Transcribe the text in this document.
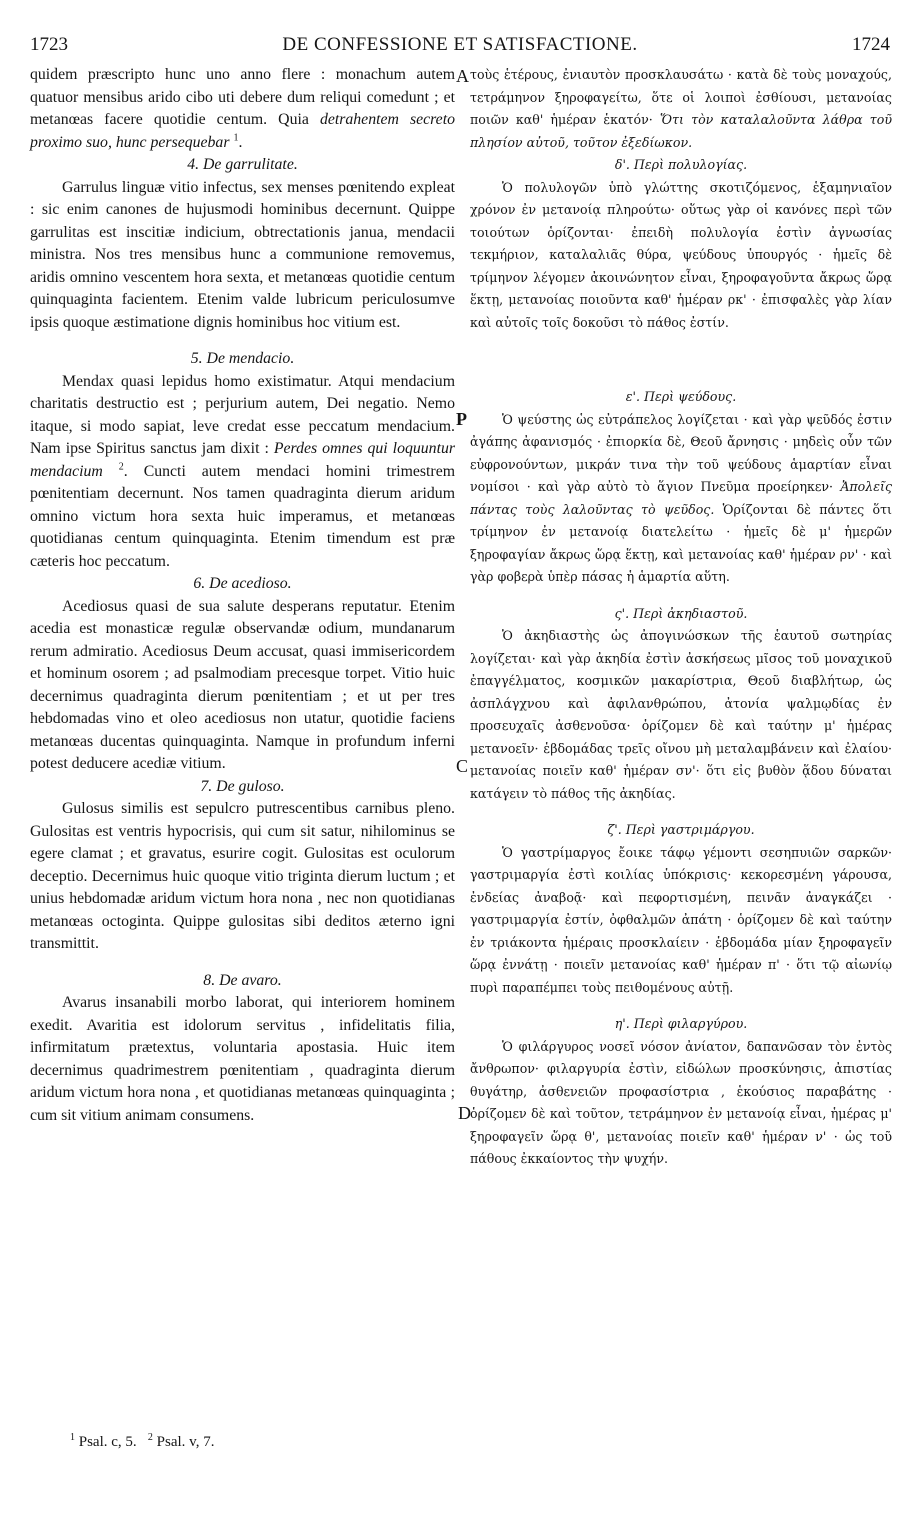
1723	DE CONFESSIONE ET SATISFACTIONE.	1724

quidem præscripto hunc uno anno flere : monachum autem quatuor mensibus arido cibo uti debere dum reliqui comedunt ; et metanœas facere quotidie centum. Quia detrahentem secreto proximo suo, hunc persequebar $^1$.

4. De garrulitate.

Garrulus linguæ vitio infectus, sex menses pœnitendo expleat : sic enim canones de hujusmodi hominibus decernunt. Quippe garrulitas est inscitiæ indicium, obtrectationis janua, mendacii ministra. Nos tres mensibus hunc a communione removemus, aridis omnino vescentem hora sexta, et metanœas quotidie centum quinquaginta facientem. Etenim valde lubricum periculosumve ipsis quoque æstimatione dignis hominibus hoc vitium est.

5. De mendacio.

Mendax quasi lepidus homo existimatur. Atqui mendacium charitatis destructio est ; perjurium autem, Dei negatio. Nemo itaque, si modo sapiat, leve credat esse peccatum mendacium. Nam ipse Spiritus sanctus jam dixit : Perdes omnes qui loquuntur mendacium $^2$. Cuncti autem mendaci homini trimestrem pœnitentiam decernunt. Nos tamen quadraginta dierum aridum omnino victum hora sexta huic imperamus, et metanœas quotidianas centum quinquaginta. Etenim timendum est præ cæteris hoc peccatum.

6. De acedioso.

Acediosus quasi de sua salute desperans reputatur. Etenim acedia est monasticæ regulæ observandæ odium, mundanarum rerum admiratio. Acediosus Deum accusat, quasi immisericordem et hominum osorem ; ad psalmodiam precesque torpet. Vitio huic decernimus quadraginta dierum pœnitentiam ; et ut per tres hebdomadas vino et oleo acediosus non utatur, quotidie faciens metanœas ducentas quinquaginta. Namque in profundum inferni potest deducere acediæ vitium.

7. De guloso.

Gulosus similis est sepulcro putrescentibus carnibus pleno. Gulositas est ventris hypocrisis, qui cum sit satur, nihilominus se egere clamat ; et gravatus, esurire cogit. Gulositas est oculorum deceptio. Decernimus huic quoque vitio triginta dierum luctum ; et unius hebdomadæ aridum victum hora nona , nec non quotidianas metanœas octoginta. Quippe gulositas sibi deditos æterno igni transmittit.

8. De avaro.

Avarus insanabili morbo laborat, qui interiorem hominem exedit. Avaritia est idolorum servitus , infidelitatis filia, infirmitatum prætextus, voluntaria apostasia. Huic item decernimus quadrimestrem pœnitentiam , quadraginta dierum aridum victum hora nona , et quotidianas metanœas quinquaginta ; cum sit vitium animam consumens.

τοὺς ἑτέρους, ἐνιαυτὸν προσκλαυσάτω · κατὰ δὲ τοὺς μοναχούς, τετράμηνον ξηροφαγείτω, ὅτε οἱ λοιποὶ ἐσθίουσι, μετανοίας ποιῶν καθ' ἡμέραν ἑκατόν· Ὅτι τὸν καταλαλοῦντα λάθρα τοῦ πλησίον αὐτοῦ, τοῦτον ἐξεδίωκον.

δ'. Περὶ πολυλογίας.

Ὁ πολυλογῶν ὑπὸ γλώττης σκοτιζόμενος, ἑξαμηνιαῖον χρόνον ἐν μετανοίᾳ πληρούτω· οὕτως γὰρ οἱ κανόνες περὶ τῶν τοιούτων ὁρίζονται· ἐπειδὴ πολυλογία ἐστὶν ἀγνωσίας τεκμήριον, καταλαλιᾶς θύρα, ψεύδους ὑπουργός · ἡμεῖς δὲ τρίμηνον λέγομεν ἀκοινώνητον εἶναι, ξηροφαγοῦντα ἄκρως ὥρᾳ ἕκτῃ, μετανοίας ποιοῦντα καθ' ἡμέραν ρκ' · ἐπισφαλὲς γὰρ λίαν καὶ αὐτοῖς τοῖς δοκοῦσι τὸ πάθος ἐστίν.

ε'. Περὶ ψεύδους.

Ὁ ψεύστης ὡς εὐτράπελος λογίζεται · καὶ γὰρ ψεῦδός ἐστιν ἀγάπης ἀφανισμός · ἐπιορκία δὲ, Θεοῦ ἄρνησις · μηδεὶς οὖν τῶν εὐφρονούντων, μικράν τινα τὴν τοῦ ψεύδους ἁμαρτίαν εἶναι νομίσοι · καὶ γὰρ αὐτὸ τὸ ἅγιον Πνεῦμα προείρηκεν· Ἀπολεῖς πάντας τοὺς λαλοῦντας τὸ ψεῦδος. Ὁρίζονται δὲ πάντες ὅτι τρίμηνον ἐν μετανοίᾳ διατελείτω · ἡμεῖς δὲ μ' ἡμερῶν ξηροφαγίαν ἄκρως ὥρᾳ ἕκτῃ, καὶ μετανοίας καθ' ἡμέραν ρν' · καὶ γὰρ φοβερὰ ὑπὲρ πάσας ἡ ἁμαρτία αὕτη.

ς'. Περὶ ἀκηδιαστοῦ.

Ὁ ἀκηδιαστὴς ὡς ἀπογινώσκων τῆς ἑαυτοῦ σωτηρίας λογίζεται· καὶ γὰρ ἀκηδία ἐστὶν ἀσκήσεως μῖσος τοῦ μοναχικοῦ ἐπαγγέλματος, κοσμικῶν μακαρίστρια, Θεοῦ διαβλήτωρ, ὡς ἀσπλάγχνου καὶ ἀφιλανθρώπου, ἀτονία ψαλμῳδίας ἐν προσευχαῖς ἀσθενοῦσα· ὁρίζομεν δὲ καὶ ταύτην μ' ἡμέρας μετανοεῖν· ἑβδομάδας τρεῖς οἴνου μὴ μεταλαμβάνειν καὶ ἐλαίου· μετανοίας ποιεῖν καθ' ἡμέραν σν'· ὅτι εἰς βυθὸν ᾅδου δύναται κατάγειν τὸ πάθος τῆς ἀκηδίας.

ζ'. Περὶ γαστριμάργου.

Ὁ γαστρίμαργος ἔοικε τάφῳ γέμοντι σεσηπυιῶν σαρκῶν· γαστριμαργία ἐστὶ κοιλίας ὑπόκρισις· κεκορεσμένη γάρουσα, ἐνδείας ἀναβοᾷ· καὶ πεφορτισμένη, πεινᾶν ἀναγκάζει · γαστριμαργία ἐστίν, ὀφθαλμῶν ἀπάτη · ὁρίζομεν δὲ καὶ ταύτην ἐν τριάκοντα ἡμέραις προσκλαίειν · ἑβδομάδα μίαν ξηροφαγεῖν ὥρᾳ ἐννάτῃ · ποιεῖν μετανοίας καθ' ἡμέραν π' · ὅτι τῷ αἰωνίῳ πυρὶ παραπέμπει τοὺς πειθομένους αὐτῇ.

η'. Περὶ φιλαργύρου.

Ὁ φιλάργυρος νοσεῖ νόσον ἀνίατον, δαπανῶσαν τὸν ἐντὸς ἄνθρωπον· φιλαργυρία ἐστὶν, εἰδώλων προσκύνησις, ἀπιστίας θυγάτηρ, ἀσθενειῶν προφασίστρια , ἑκούσιος παραβάτης · ὁρίζομεν δὲ καὶ τοῦτον, τετράμηνον ἐν μετανοίᾳ εἶναι, ἡμέρας μ' ξηροφαγεῖν ὥρᾳ θ', μετανοίας ποιεῖν καθ' ἡμέραν ν' · ὡς τοῦ πάθους ἐκκαίοντος τὴν ψυχήν.

A
P
C
D
$^1$ Psal. c, 5. $^2$ Psal. v, 7.
